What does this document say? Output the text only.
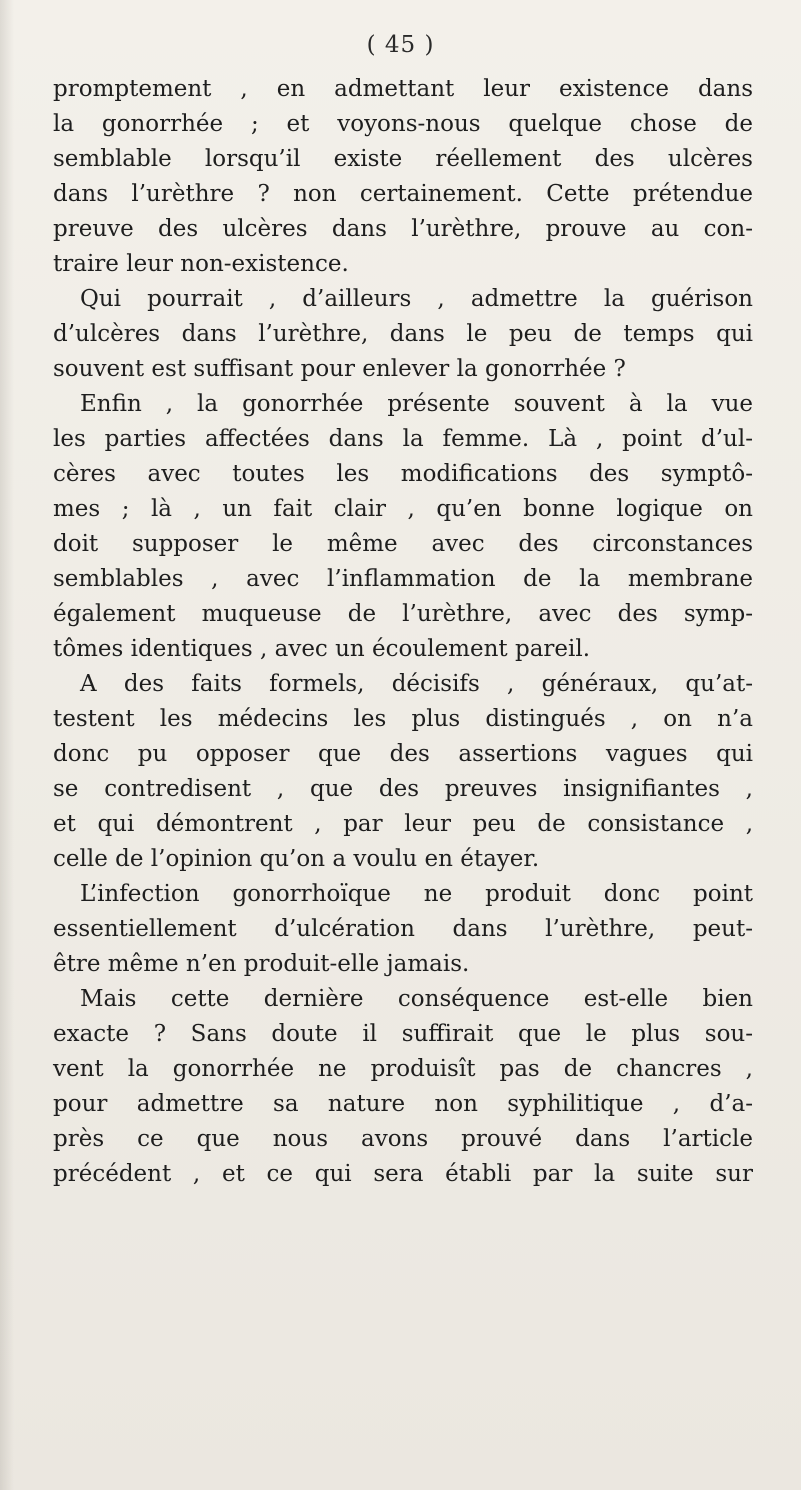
( 45 )
promptement , en admettant leur existence dans
la gonorrhée ; et voyons-nous quelque chose de
semblable lorsqu’il existe réellement des ulcères
dans l’urèthre ? non certainement. Cette prétendue
preuve des ulcères dans l’urèthre, prouve au con-
traire leur non-existence.
Qui pourrait , d’ailleurs , admettre la guérison
d’ulcères dans l’urèthre, dans le peu de temps qui
souvent est suffisant pour enlever la gonorrhée ?
Enfin , la gonorrhée présente souvent à la vue
les parties affectées dans la femme. Là , point d’ul-
cères avec toutes les modifications des symptô-
mes ; là , un fait clair , qu’en bonne logique on
doit supposer le même avec des circonstances
semblables , avec l’inflammation de la membrane
également muqueuse de l’urèthre, avec des symp-
tômes identiques , avec un écoulement pareil.
A des faits formels, décisifs , généraux, qu’at-
testent les médecins les plus distingués , on n’a
donc pu opposer que des assertions vagues qui
se contredisent , que des preuves insignifiantes ,
et qui démontrent , par leur peu de consistance ,
celle de l’opinion qu’on a voulu en étayer.
L’infection gonorrhoïque ne produit donc point
essentiellement d’ulcération dans l’urèthre, peut-
être même n’en produit-elle jamais.
Mais cette dernière conséquence est-elle bien
exacte ? Sans doute il suffirait que le plus sou-
vent la gonorrhée ne produisît pas de chancres ,
pour admettre sa nature non syphilitique , d’a-
près ce que nous avons prouvé dans l’article
précédent , et ce qui sera établi par la suite sur
